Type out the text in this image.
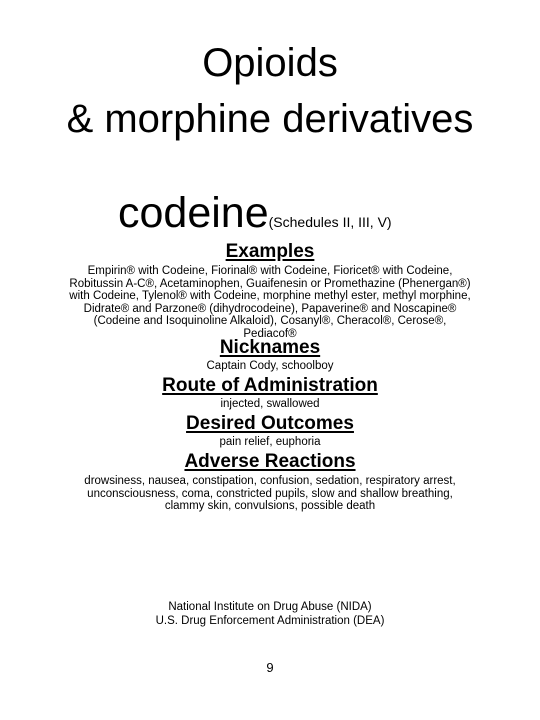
Opioids
& morphine derivatives
codeine(Schedules II, III, V)
Examples
Empirin® with Codeine, Fiorinal® with Codeine, Fioricet® with Codeine, Robitussin A-C®, Acetaminophen, Guaifenesin or Promethazine (Phenergan®) with Codeine, Tylenol® with Codeine, morphine methyl ester, methyl morphine, Didrate® and Parzone® (dihydrocodeine), Papaverine® and Noscapine® (Codeine and Isoquinoline Alkaloid), Cosanyl®, Cheracol®, Cerose®, Pediacof®
Nicknames
Captain Cody, schoolboy
Route of Administration
injected, swallowed
Desired Outcomes
pain relief, euphoria
Adverse Reactions
drowsiness, nausea, constipation, confusion, sedation, respiratory arrest, unconsciousness, coma, constricted pupils, slow and shallow breathing, clammy skin, convulsions, possible death
National Institute on Drug Abuse (NIDA)
U.S. Drug Enforcement Administration (DEA)
9
